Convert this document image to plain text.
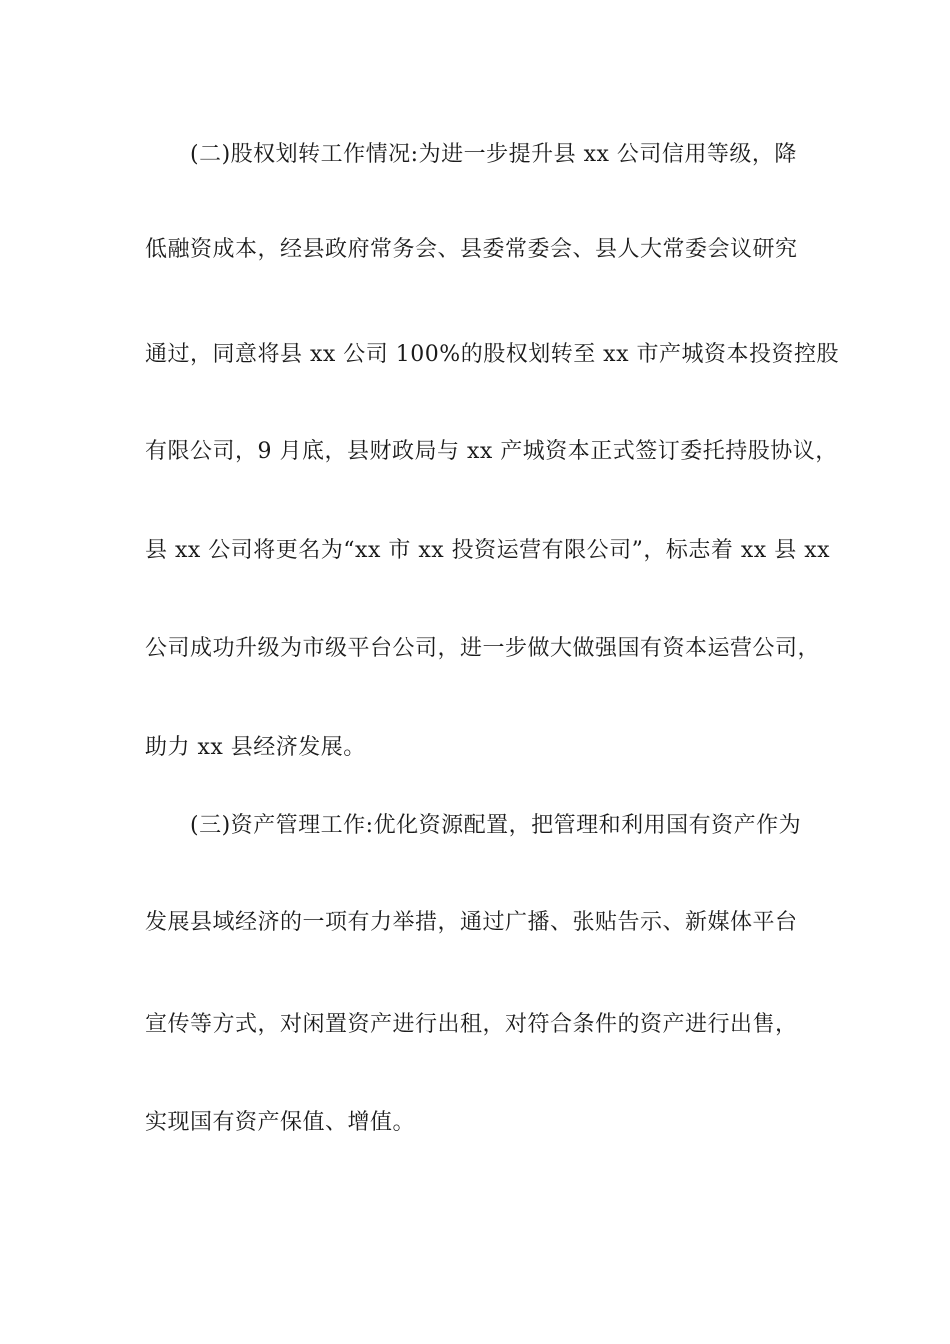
(二)股权划转工作情况:为进一步提升县 xx 公司信用等级，降
低融资成本，经县政府常务会、县委常委会、县人大常委会议研究
通过，同意将县 xx 公司 100%的股权划转至 xx 市产城资本投资控股
有限公司，9 月底，县财政局与 xx 产城资本正式签订委托持股协议，
县 xx 公司将更名为“xx 市 xx 投资运营有限公司”，标志着 xx 县 xx
公司成功升级为市级平台公司，进一步做大做强国有资本运营公司，
助力 xx 县经济发展。
(三)资产管理工作:优化资源配置，把管理和利用国有资产作为
发展县域经济的一项有力举措，通过广播、张贴告示、新媒体平台
宣传等方式，对闲置资产进行出租，对符合条件的资产进行出售，
实现国有资产保值、增值。
